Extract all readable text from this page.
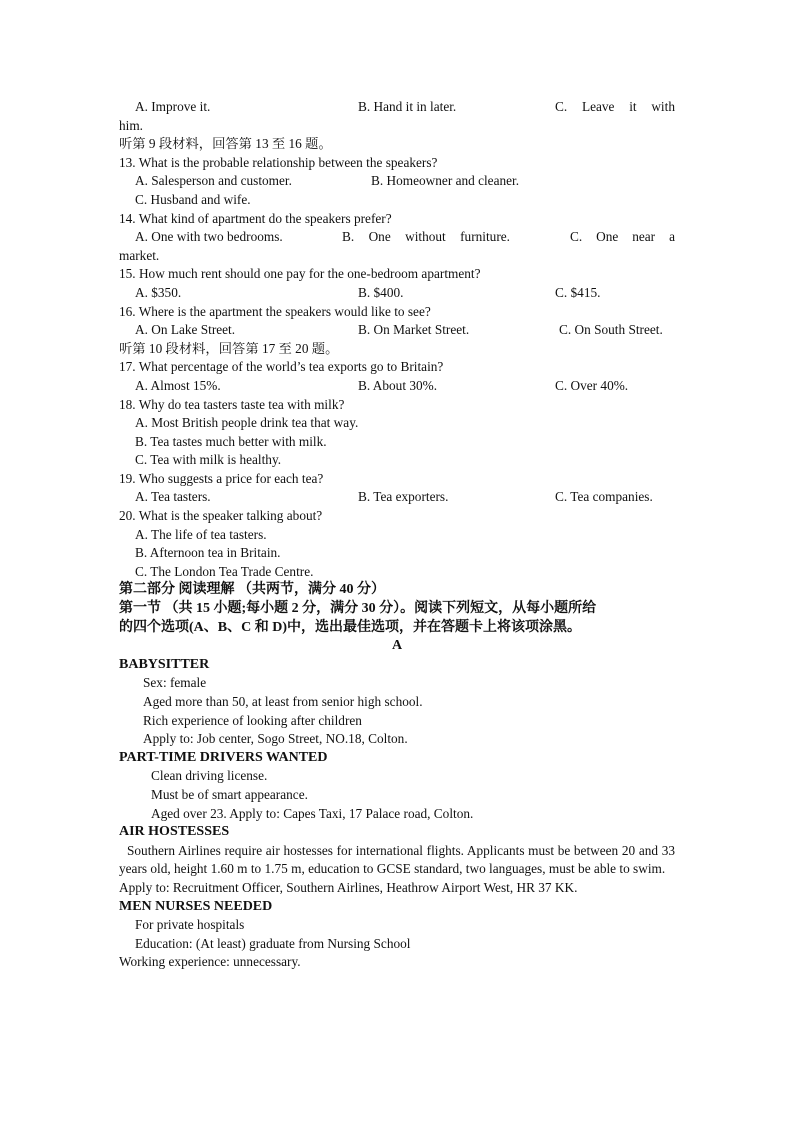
A. Improve it.	B. Hand it in later.	C. Leave it with
him.
听第 9 段材料，回答第 13 至 16 题。
13. What is the probable relationship between the speakers?
A. Salesperson and customer.	B. Homeowner and cleaner.
C. Husband and wife.
14. What kind of apartment do the speakers prefer?
A. One with two bedrooms.	B. One without furniture.	C. One near a
market.
15. How much rent should one pay for the one-bedroom apartment?
A. $350.	B. $400.	C. $415.
16. Where is the apartment the speakers would like to see?
A. On Lake Street.	B. On Market Street.	C. On South Street.
听第 10 段材料，回答第 17 至 20 题。
17. What percentage of the world’s tea exports go to Britain?
A. Almost 15%.	B. About 30%.	C. Over 40%.
18. Why do tea tasters taste tea with milk?
A. Most British people drink tea that way.
B. Tea tastes much better with milk.
C. Tea with milk is healthy.
19. Who suggests a price for each tea?
A. Tea tasters.	B. Tea exporters.	C. Tea companies.
20. What is the speaker talking about?
A. The life of tea tasters.
B. Afternoon tea in Britain.
C. The London Tea Trade Centre.
第二部分 阅读理解 （共两节，满分 40 分）
第一节 （共 15 小题;每小题 2 分，满分 30 分）。阅读下列短文，从每小题所给
的四个选项(A、B、C 和 D)中，选出最佳选项，并在答题卡上将该项涂黑。
A
BABYSITTER
Sex: female
Aged more than 50, at least from senior high school.
Rich experience of looking after children
Apply to: Job center, Sogo Street, NO.18, Colton.
PART-TIME DRIVERS WANTED
Clean driving license.
Must be of smart appearance.
Aged over 23. Apply to: Capes Taxi, 17 Palace road, Colton.
AIR HOSTESSES
Southern Airlines require air hostesses for international flights. Applicants must be between 20 and 33 years old, height 1.60 m to 1.75 m, education to GCSE standard, two languages, must be able to swim.
Apply to: Recruitment Officer, Southern Airlines, Heathrow Airport West, HR 37 KK.
MEN NURSES NEEDED
For private hospitals
Education: (At least) graduate from Nursing School
Working experience: unnecessary.
